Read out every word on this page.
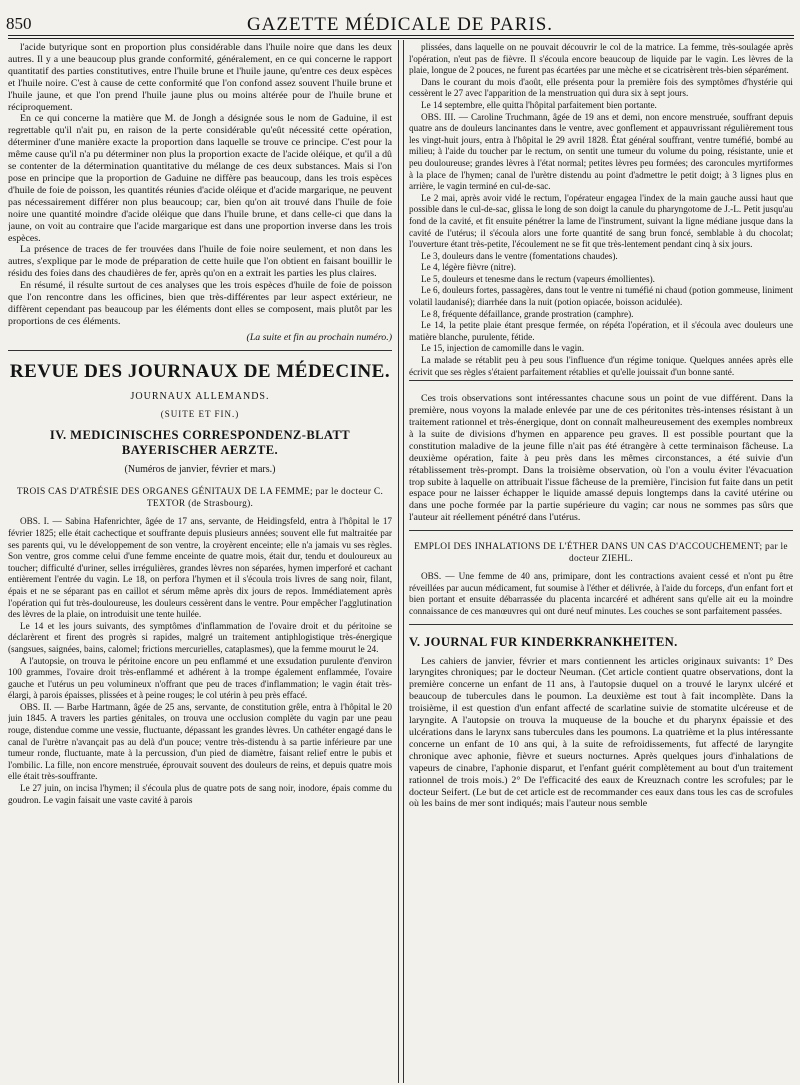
850	GAZETTE MÉDICALE DE PARIS.

l'acide butyrique sont en proportion plus considérable dans l'huile noire que dans les deux autres. Il y a une beaucoup plus grande conformité, généralement, en ce qui concerne le rapport quantitatif des parties constitutives, entre l'huile brune et l'huile jaune, qu'entre ces deux espèces et l'huile noire. C'est à cause de cette conformité que l'on confond assez souvent l'huile brune et l'huile jaune, et que l'on prend l'huile jaune plus ou moins altérée pour de l'huile brune et réciproquement.

En ce qui concerne la matière que M. de Jongh a désignée sous le nom de Gaduine, il est regrettable qu'il n'ait pu, en raison de la perte considérable qu'eût nécessité cette opération, déterminer d'une manière exacte la proportion dans laquelle se trouve ce principe. C'est pour la même cause qu'il n'a pu déterminer non plus la proportion exacte de l'acide oléique, et qu'il a dû se contenter de la détermination quantitative du mélange de ces deux substances. Mais si l'on pose en principe que la proportion de Gaduine ne diffère pas beaucoup, dans les trois espèces d'huile de foie de poisson, les quantités réunies d'acide oléique et d'acide margarique, ne peuvent pas nécessairement différer non plus beaucoup; car, bien qu'on ait trouvé dans l'huile de foie noire une quantité moindre d'acide oléique que dans l'huile brune, et dans celle-ci que dans la jaune, on voit au contraire que l'acide margarique est dans une proportion inverse dans les trois espèces.

La présence de traces de fer trouvées dans l'huile de foie noire seulement, et non dans les autres, s'explique par le mode de préparation de cette huile que l'on obtient en faisant bouillir le résidu des foies dans des chaudières de fer, après qu'on en a extrait les parties les plus claires.

En résumé, il résulte surtout de ces analyses que les trois espèces d'huile de foie de poisson que l'on rencontre dans les officines, bien que très-différentes par leur aspect extérieur, ne diffèrent cependant pas beaucoup par les éléments dont elles se composent, mais plutôt par les proportions de ces éléments.

(La suite et fin au prochain numéro.)

REVUE DES JOURNAUX DE MÉDECINE.
JOURNAUX ALLEMANDS.
(SUITE ET FIN.)
IV. MEDICINISCHES CORRESPONDENZ-BLATT BAYERISCHER AERZTE.
(Numéros de janvier, février et mars.)

TROIS CAS D'ATRÉSIE DES ORGANES GÉNITAUX DE LA FEMME; par le docteur C. TEXTOR (de Strasbourg).

OBS. I. — Sabina Hafenrichter, âgée de 17 ans, servante, de Heidingsfeld, entra à l'hôpital le 17 février 1825; elle était cachectique et souffrante depuis plusieurs années; souvent elle fut maltraitée par ses parents qui, vu le développement de son ventre, la croyèrent enceinte; elle n'a jamais vu ses règles. Son ventre, gros comme celui d'une femme enceinte de quatre mois, était dur, tendu et douloureux au toucher; difficulté d'uriner, selles irrégulières, grandes lèvres non séparées, hymen imperforé et cachant entièrement l'entrée du vagin. Le 18, on perfora l'hymen et il s'écoula trois livres de sang noir, filant, épais et ne se séparant pas en caillot et sérum même après dix jours de repos. Immédiatement après l'opération qui fut très-douloureuse, les douleurs cessèrent dans le ventre. Pour empêcher l'agglutination des lèvres de la plaie, on introduisit une tente huilée.

Le 14 et les jours suivants, des symptômes d'inflammation de l'ovaire droit et du péritoine se déclarèrent et firent des progrès si rapides, malgré un traitement antiphlogistique très-énergique (sangsues, saignées, bains, calomel; frictions mercurielles, cataplasmes), que la femme mourut le 24.

A l'autopsie, on trouva le péritoine encore un peu enflammé et une exsudation purulente d'environ 100 grammes, l'ovaire droit très-enflammé et adhérent à la trompe également enflammée, l'ovaire gauche et l'utérus un peu volumineux n'offrant que peu de traces d'inflammation; le vagin était très-élargi, à parois épaisses, plissées et à peine rouges; le col utérin à peu près effacé.

OBS. II. — Barbe Hartmann, âgée de 25 ans, servante, de constitution grêle, entra à l'hôpital le 20 juin 1845. A travers les parties génitales, on trouva une occlusion complète du vagin par une peau rouge, distendue comme une vessie, fluctuante, dépassant les grandes lèvres. Un cathéter engagé dans le canal de l'urètre n'avançait pas au delà d'un pouce; ventre très-distendu à sa partie inférieure par une tumeur ronde, fluctuante, mate à la percussion, d'un pied de diamètre, faisant relief entre le pubis et l'ombilic. La fille, non encore menstruée, éprouvait souvent des douleurs de reins, et depuis quatre mois elle était très-souffrante.

Le 27 juin, on incisa l'hymen; il s'écoula plus de quatre pots de sang noir, inodore, épais comme du goudron. Le vagin faisait une vaste cavité à parois

plissées, dans laquelle on ne pouvait découvrir le col de la matrice. La femme, très-soulagée après l'opération, n'eut pas de fièvre. Il s'écoula encore beaucoup de liquide par le vagin. Les lèvres de la plaie, longue de 2 pouces, ne furent pas écartées par une mèche et se cicatrisèrent très-bien séparément.

Dans le courant du mois d'août, elle présenta pour la première fois des symptômes d'hystérie qui cessèrent le 27 avec l'apparition de la menstruation qui dura six à sept jours.

Le 14 septembre, elle quitta l'hôpital parfaitement bien portante.

OBS. III. — Caroline Truchmann, âgée de 19 ans et demi, non encore menstruée, souffrant depuis quatre ans de douleurs lancinantes dans le ventre, avec gonflement et appauvrissant régulièrement tous les vingt-huit jours, entra à l'hôpital le 29 avril 1828. État général souffrant, ventre tuméfié, bombé au milieu; à l'aide du toucher par le rectum, on sentit une tumeur du volume du poing, résistante, unie et peu douloureuse; grandes lèvres à l'état normal; petites lèvres peu formées; des caroncules myrtiformes à la place de l'hymen; canal de l'urètre distendu au point d'admettre le petit doigt; à 3 lignes plus en arrière, le vagin terminé en cul-de-sac.

Le 2 mai, après avoir vidé le rectum, l'opérateur engagea l'index de la main gauche aussi haut que possible dans le cul-de-sac, glissa le long de son doigt la canule du pharyngotome de J.-L. Petit jusqu'au fond de la cavité, et fit ensuite pénétrer la lame de l'instrument, suivant la ligne médiane jusque dans la cavité de l'utérus; il s'écoula alors une forte quantité de sang brun foncé, semblable à du chocolat; l'ouverture étant très-petite, l'écoulement ne se fit que très-lentement pendant cinq à six jours.

Le 3, douleurs dans le ventre (fomentations chaudes).

Le 4, légère fièvre (nitre).

Le 5, douleurs et tenesme dans le rectum (vapeurs émollientes).

Le 6, douleurs fortes, passagères, dans tout le ventre ni tuméfié ni chaud (potion gommeuse, liniment volatil laudanisé); diarrhée dans la nuit (potion opiacée, boisson acidulée).

Le 8, fréquente défaillance, grande prostration (camphre).

Le 14, la petite plaie étant presque fermée, on répéta l'opération, et il s'écoula avec douleurs une matière blanche, purulente, fétide.

Le 15, injection de camomille dans le vagin.

La malade se rétablit peu à peu sous l'influence d'un régime tonique. Quelques années après elle écrivit que ses règles s'étaient parfaitement rétablies et qu'elle jouissait d'un bonne santé.

Ces trois observations sont intéressantes chacune sous un point de vue différent. Dans la première, nous voyons la malade enlevée par une de ces péritonites très-intenses résistant à un traitement rationnel et très-énergique, dont on connaît malheureusement des exemples nombreux à la suite de divisions d'hymen en apparence peu graves. Il est possible pourtant que la constitution maladive de la jeune fille n'ait pas été étrangère à cette terminaison fâcheuse. La deuxième opération, faite à peu près dans les mêmes circonstances, a été suivie d'un rétablissement très-prompt. Dans la troisième observation, où l'on a voulu éviter l'évacuation trop subite à laquelle on attribuait l'issue fâcheuse de la première, l'incision fut faite dans un petit espace pour ne laisser échapper le liquide amassé depuis longtemps dans la cavité utérine ou dans une poche formée par la partie supérieure du vagin; car nous ne sommes pas sûrs que l'auteur ait réellement pénétré dans l'utérus.

EMPLOI DES INHALATIONS DE L'ÉTHER DANS UN CAS D'ACCOUCHEMENT; par le docteur ZIEHL.

OBS. — Une femme de 40 ans, primipare, dont les contractions avaient cessé et n'ont pu être réveillées par aucun médicament, fut soumise à l'éther et délivrée, à l'aide du forceps, d'un enfant fort et bien portant et ensuite débarrassée du placenta incarcéré et adhérent sans qu'elle ait eu la moindre connaissance de ces manœuvres qui ont duré neuf minutes. Les couches se sont parfaitement passées.

V. JOURNAL FUR KINDERKRANKHEITEN.

Les cahiers de janvier, février et mars contiennent les articles originaux suivants: 1° Des laryngites chroniques; par le docteur Neuman. (Cet article contient quatre observations, dont la première concerne un enfant de 11 ans, à l'autopsie duquel on a trouvé le larynx ulcéré et beaucoup de tubercules dans le poumon. La deuxième est tout à fait incomplète. Dans la troisième, il est question d'un enfant affecté de scarlatine suivie de stomatite ulcéreuse et de laryngite. A l'autopsie on trouva la muqueuse de la bouche et du pharynx épaissie et des ulcérations dans le larynx sans tubercules dans les poumons. La quatrième et la plus intéressante concerne un enfant de 10 ans qui, à la suite de refroidissements, fut affecté de laryngite chronique avec aphonie, fièvre et sueurs nocturnes. Après quelques jours d'inhalations de vapeurs de cinabre, l'aphonie disparut, et l'enfant guérit complètement au bout d'un traitement rationnel de trois mois.) 2° De l'efficacité des eaux de Kreuznach contre les scrofules; par le docteur Seifert. (Le but de cet article est de recommander ces eaux dans tous les cas de scrofules où les bains de mer sont indiqués; mais l'auteur nous semble
